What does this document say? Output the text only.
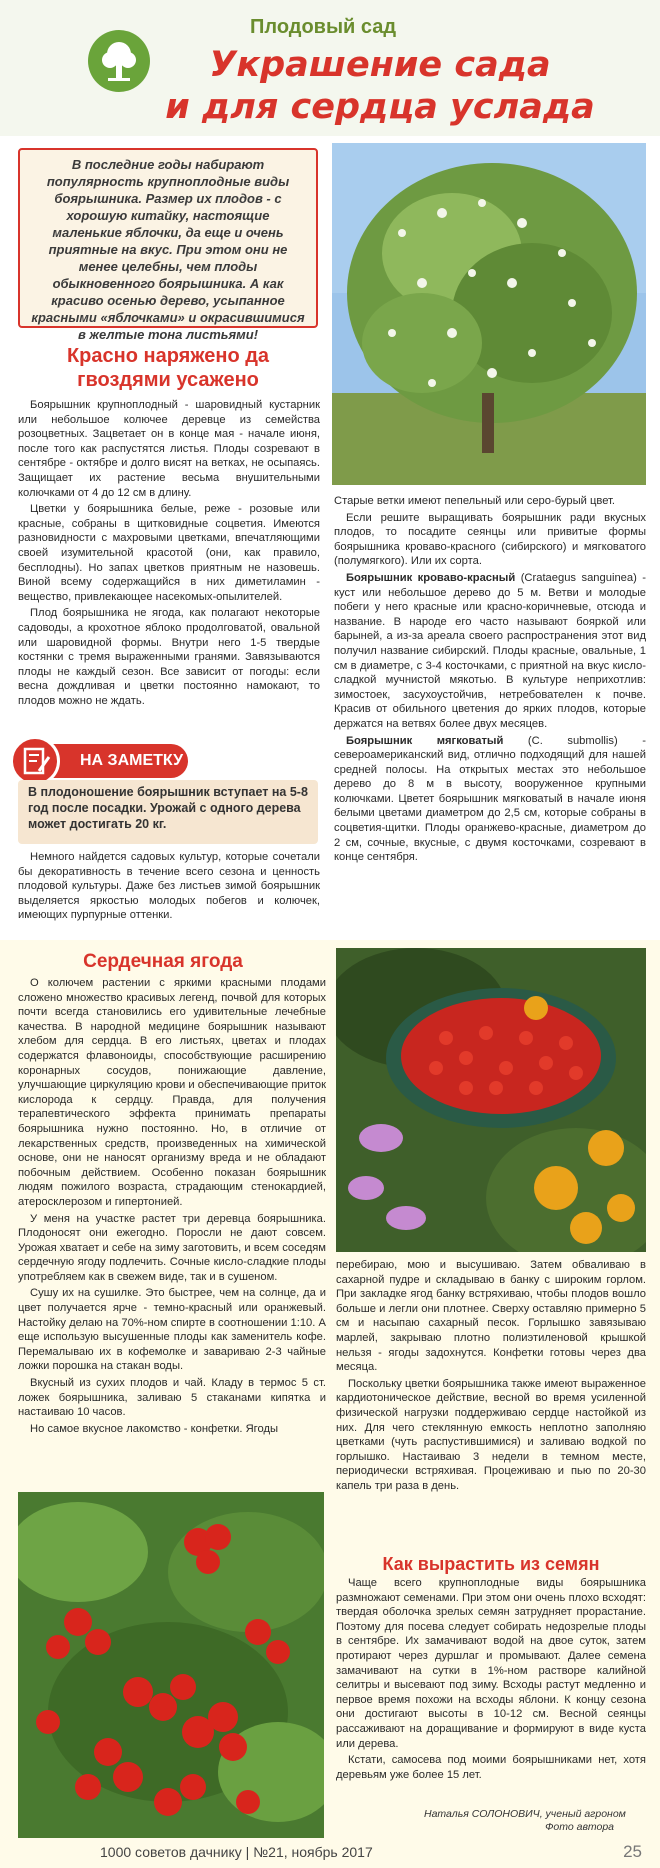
Плодовый сад
Украшение сада
и для сердца услада

В последние годы набирают популярность крупноплодные виды боярышника. Размер их плодов - с хорошую китайку, настоящие маленькие яблочки, да еще и очень приятные на вкус. При этом они не менее целебны, чем плоды обыкновенного боярышника. А как красиво осенью дерево, усыпанное красными «яблочками» и окрасившимися в желтые тона листьями!

Красно наряжено да гвоздями усажено

Боярышник крупноплодный - шаровидный кустарник или небольшое колючее деревце из семейства розоцветных. Зацветает он в конце мая - начале июня, после того как распустятся листья. Плоды созревают в сентябре - октябре и долго висят на ветках, не осыпаясь. Защищает их растение весьма внушительными колючками от 4 до 12 см в длину.

Цветки у боярышника белые, реже - розовые или красные, собраны в щитковидные соцветия. Имеются разновидности с махровыми цветками, впечатляющими своей изумительной красотой (они, как правило, бесплодны). Но запах цветков приятным не назовешь. Виной всему содержащийся в них диметиламин - вещество, привлекающее насекомых-опылителей.

Плод боярышника не ягода, как полагают некоторые садоводы, а крохотное яблоко продолговатой, овальной или шаровидной формы. Внутри него 1-5 твердые костянки с тремя выраженными гранями. Завязываются плоды не каждый сезон. Все зависит от погоды: если весна дождливая и цветки постоянно намокают, то плодов можно не ждать.

НА ЗАМЕТКУ
В плодоношение боярышник вступает на 5-8 год после посадки. Урожай с одного дерева может достигать 20 кг.

Немного найдется садовых культур, которые сочетали бы декоративность в течение всего сезона и ценность плодовой культуры. Даже без листьев зимой боярышник выделяется яркостью молодых побегов и колючек, имеющих пурпурные оттенки.

Старые ветки имеют пепельный или серо-бурый цвет.

Если решите выращивать боярышник ради вкусных плодов, то посадите сеянцы или привитые формы боярышника кроваво-красного (сибирского) и мягковатого (полумягкого). Или их сорта.

Боярышник кроваво-красный (Crataegus sanguinea) - куст или небольшое дерево до 5 м. Ветви и молодые побеги у него красные или красно-коричневые, отсюда и название. В народе его часто называют бояркой или барыней, а из-за ареала своего распространения этот вид получил название сибирский. Плоды красные, овальные, 1 см в диаметре, с 3-4 косточками, с приятной на вкус кисло-сладкой мучнистой мякотью. В культуре неприхотлив: зимостоек, засухоустойчив, нетребователен к почве. Красив от обильного цветения до ярких плодов, которые держатся на ветвях более двух месяцев.

Боярышник мягковатый (C. submollis) - североамериканский вид, отлично подходящий для нашей средней полосы. На открытых местах это небольшое дерево до 8 м в высоту, вооруженное крупными колючками. Цветет боярышник мягковатый в начале июня белыми цветами диаметром до 2,5 см, которые собраны в соцветия-щитки. Плоды оранжево-красные, диаметром до 2 см, сочные, вкусные, с двумя косточками, созревают в конце сентября.

Сердечная ягода

О колючем растении с яркими красными плодами сложено множество красивых легенд, почвой для которых почти всегда становились его удивительные лечебные качества. В народной медицине боярышник называют хлебом для сердца. В его листьях, цветах и плодах содержатся флавоноиды, способствующие расширению коронарных сосудов, понижающие давление, улучшающие циркуляцию крови и обеспечивающие приток кислорода к сердцу. Правда, для получения терапевтического эффекта принимать препараты боярышника нужно постоянно. Но, в отличие от лекарственных средств, произведенных на химической основе, они не наносят организму вреда и не обладают побочным действием. Особенно показан боярышник людям пожилого возраста, страдающим стенокардией, атеросклерозом и гипертонией.

У меня на участке растет три деревца боярышника. Плодоносят они ежегодно. Поросли не дают совсем. Урожая хватает и себе на зиму заготовить, и всем соседям сердечную ягоду подлечить. Сочные кисло-сладкие плоды употребляем как в свежем виде, так и в сушеном.

Сушу их на сушилке. Это быстрее, чем на солнце, да и цвет получается ярче - темно-красный или оранжевый. Настойку делаю на 70%-ном спирте в соотношении 1:10. А еще использую высушенные плоды как заменитель кофе. Перемалываю их в кофемолке и завариваю 2-3 чайные ложки порошка на стакан воды.

Вкусный из сухих плодов и чай. Кладу в термос 5 ст. ложек боярышника, заливаю 5 стаканами кипятка и настаиваю 10 часов.

Но самое вкусное лакомство - конфетки. Ягоды

перебираю, мою и высушиваю. Затем обваливаю в сахарной пудре и складываю в банку с широким горлом. При закладке ягод банку встряхиваю, чтобы плодов вошло больше и легли они плотнее. Сверху оставляю примерно 5 см и насыпаю сахарный песок. Горлышко завязываю марлей, закрываю плотно полиэтиленовой крышкой нельзя - ягоды задохнутся. Конфетки готовы через два месяца.

Поскольку цветки боярышника также имеют выраженное кардиотоническое действие, весной во время усиленной физической нагрузки поддерживаю сердце настойкой из них. Для чего стеклянную емкость неплотно заполняю цветками (чуть распустившимися) и заливаю водкой по горлышко. Настаиваю 3 недели в темном месте, периодически встряхивая. Процеживаю и пью по 20-30 капель три раза в день.

Как вырастить из семян

Чаще всего крупноплодные виды боярышника размножают семенами. При этом они очень плохо всходят: твердая оболочка зрелых семян затрудняет прорастание. Поэтому для посева следует собирать недозрелые плоды в сентябре. Их замачивают водой на двое суток, затем протирают через дуршлаг и промывают. Далее семена замачивают на сутки в 1%-ном растворе калийной селитры и высевают под зиму. Всходы растут медленно и первое время похожи на всходы яблони. К концу сезона они достигают высоты в 10-12 см. Весной сеянцы рассаживают на доращивание и формируют в виде куста или дерева.

Кстати, самосева под моими боярышниками нет, хотя деревьям уже более 15 лет.

Наталья СОЛОНОВИЧ, ученый агроном
Фото автора
1000 советов дачнику | №21, ноябрь 2017	25
